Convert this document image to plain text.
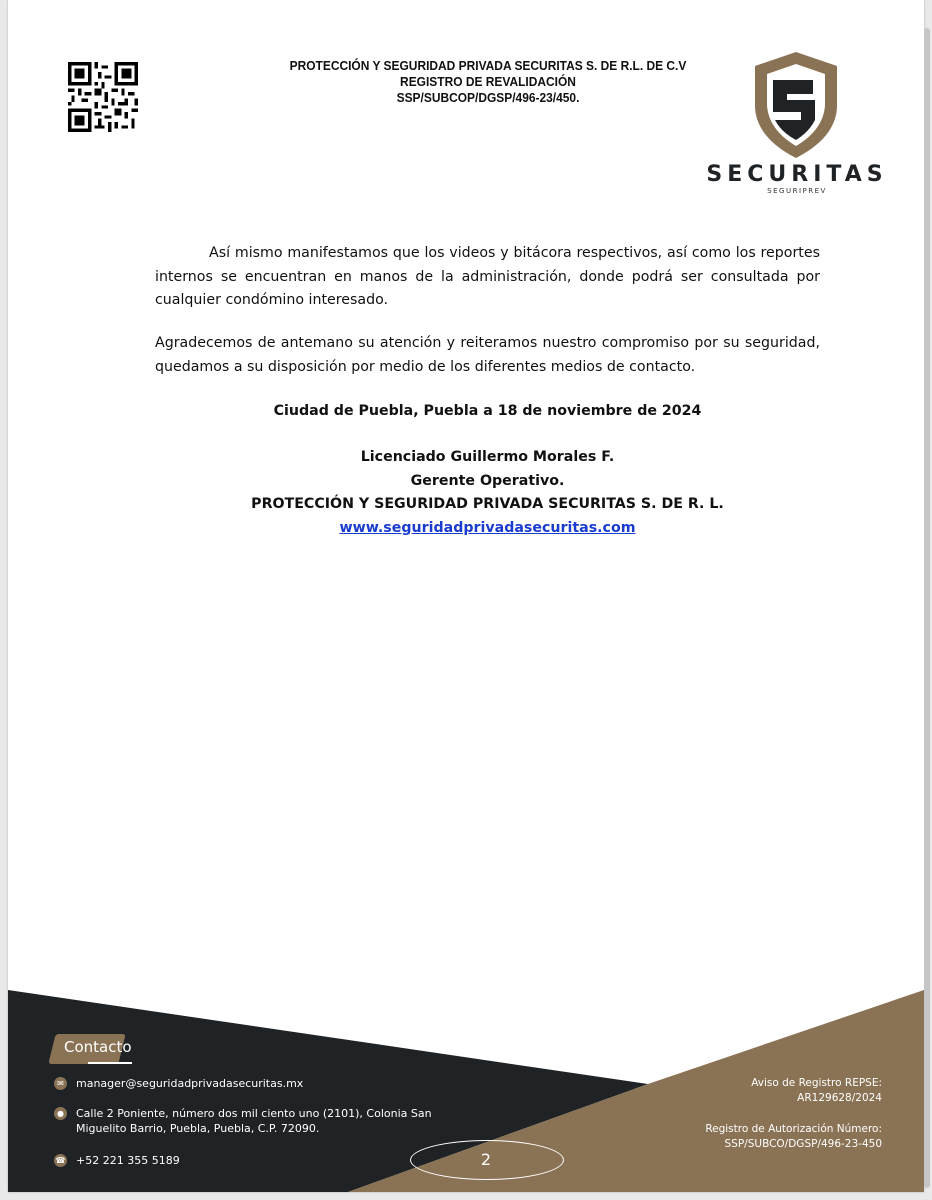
PROTECCIÓN Y SEGURIDAD PRIVADA SECURITAS S. DE R.L. DE C.V
REGISTRO DE REVALIDACIÓN
SSP/SUBCOP/DGSP/496-23/450.
SECURITAS
SEGURIPREV
Así mismo manifestamos que los videos y bitácora respectivos, así como los reportes internos se encuentran en manos de la administración, donde podrá ser consultada por cualquier condómino interesado.
Agradecemos de antemano su atención y reiteramos nuestro compromiso por su seguridad, quedamos a su disposición por medio de los diferentes medios de contacto.
Ciudad de Puebla, Puebla a 18 de noviembre de 2024
Licenciado Guillermo Morales F.
Gerente Operativo.
PROTECCIÓN Y SEGURIDAD PRIVADA SECURITAS S. DE R. L.
www.seguridadprivadasecuritas.com
Contacto
✉ manager@seguridadprivadasecuritas.mx
● Calle 2 Poniente, número dos mil ciento uno (2101), Colonia San
Miguelito Barrio, Puebla, Puebla, C.P. 72090.
☎ +52 221 355 5189
Aviso de Registro REPSE:
AR129628/2024
Registro de Autorización Número:
SSP/SUBCO/DGSP/496-23-450
2
